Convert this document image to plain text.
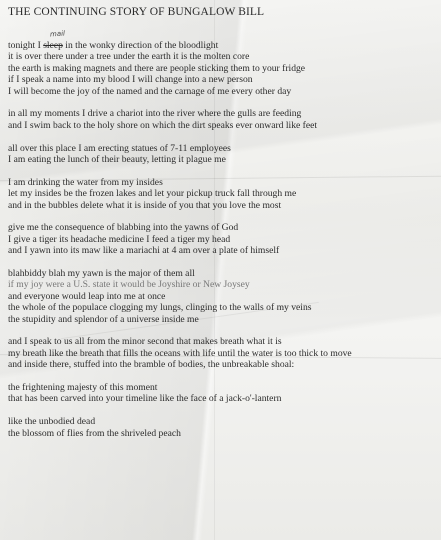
THE CONTINUING STORY OF BUNGALOW BILL
mail
tonight I sleep in the wonky direction of the bloodlight
it is over there under a tree under the earth it is the molten core
the earth is making magnets and there are people sticking them to your fridge
if I speak a name into my blood I will change into a new person
I will become the joy of the named and the carnage of me every other day
in all my moments I drive a chariot into the river where the gulls are feeding
and I swim back to the holy shore on which the dirt speaks ever onward like feet
all over this place I am erecting statues of 7-11 employees
I am eating the lunch of their beauty, letting it plague me
I am drinking the water from my insides
let my insides be the frozen lakes and let your pickup truck fall through me
and in the bubbles delete what it is inside of you that you love the most
give me the consequence of blabbing into the yawns of God
I give a tiger its headache medicine I feed a tiger my head
and I yawn into its maw like a mariachi at 4 am over a plate of himself
blahbiddy blah my yawn is the major of them all
if my joy were a U.S. state it would be Joyshire or New Joysey
and everyone would leap into me at once
the whole of the populace clogging my lungs, clinging to the walls of my veins
the stupidity and splendor of a universe inside me
and I speak to us all from the minor second that makes breath what it is
my breath like the breath that fills the oceans with life until the water is too thick to move
and inside there, stuffed into the bramble of bodies, the unbreakable shoal:
the frightening majesty of this moment
that has been carved into your timeline like the face of a jack-o'-lantern
like the unbodied dead
the blossom of flies from the shriveled peach
